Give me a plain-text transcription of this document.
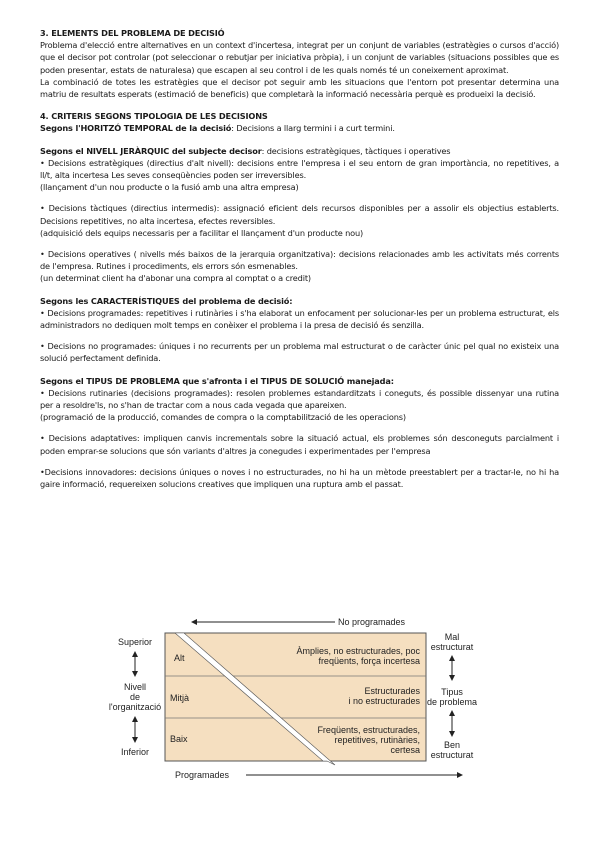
3. ELEMENTS DEL PROBLEMA DE DECISIÓ

Problema d'elecció entre alternatives en un context d'incertesa, integrat per un conjunt de variables (estratègies o cursos d'acció) que el decisor pot controlar (pot seleccionar o rebutjar per iniciativa pròpia), i un conjunt de variables (situacions possibles que es poden presentar, estats de naturalesa) que escapen al seu control i de les quals només té un coneixement aproximat.

La combinació de totes les estratègies que el decisor pot seguir amb les situacions que l'entorn pot presentar determina una matriu de resultats esperats (estimació de beneficis) que completarà la informació necessària perquè es produeixi la decisió.

4. CRITERIS SEGONS TIPOLOGIA DE LES DECISIONS

Segons l'HORITZÓ TEMPORAL de la decisió: Decisions a llarg termini i a curt termini.

Segons el NIVELL JERÀRQUIC del subjecte decisor: decisions estratègiques, tàctiques i operatives

• Decisions estratègiques (directius d'alt nivell): decisions entre l'empresa i el seu entorn de gran importància, no repetitives, a ll/t, alta incertesa Les seves conseqüències poden ser irreversibles.

(llançament d'un nou producte o la fusió amb una altra empresa)

• Decisions tàctiques (directius intermedis): assignació eficient dels recursos disponibles per a assolir els objectius establerts. Decisions repetitives, no alta incertesa, efectes reversibles.

(adquisició dels equips necessaris per a facilitar el llançament d'un producte nou)

• Decisions operatives ( nivells més baixos de la jerarquia organitzativa): decisions relacionades amb les activitats més corrents de l'empresa. Rutines i procediments, els errors són esmenables.

(un determinat client ha d'abonar una compra al comptat o a credit)

Segons les CARACTERÍSTIQUES del problema de decisió:

• Decisions programades: repetitives i rutinàries i s'ha elaborat un enfocament per solucionar-les per un problema estructurat, els administradors no dediquen molt temps en conèixer el problema i la presa de decisió és senzilla.

• Decisions no programades: úniques i no recurrents per un problema mal estructurat o de caràcter únic pel qual no existeix una solució perfectament definida.

Segons el TIPUS DE PROBLEMA que s'afronta i el TIPUS DE SOLUCIÓ manejada:

• Decisions rutinaries (decisions programades): resolen problemes estandarditzats i coneguts, és possible dissenyar una rutina per a resoldre'ls, no s'han de tractar com a nous cada vegada que apareixen.

(programació de la producció, comandes de compra o la comptabilització de les operacions)

• Decisions adaptatives: impliquen canvis incrementals sobre la situació actual, els problemes són desconeguts parcialment i poden emprar-se solucions que són variants d'altres ja conegudes i experimentades per l'empresa

•Decisions innovadores: decisions úniques o noves i no estructurades, no hi ha un mètode preestablert per a tractar-le, no hi ha gaire informació, requereixen solucions creatives que impliquen una ruptura amb el passat.

No programades
Alt
Mitjà
Baix
Àmplies, no estructurades, poc
freqüents, força incertesa
Estructurades
i no estructurades
Freqüents, estructurades,
repetitives, rutinàries,
certesa
Superior
Nivell
de
l'organització
Inferior
Mal
estructurat
Tipus
de problema
Ben
estructurat
Programades
